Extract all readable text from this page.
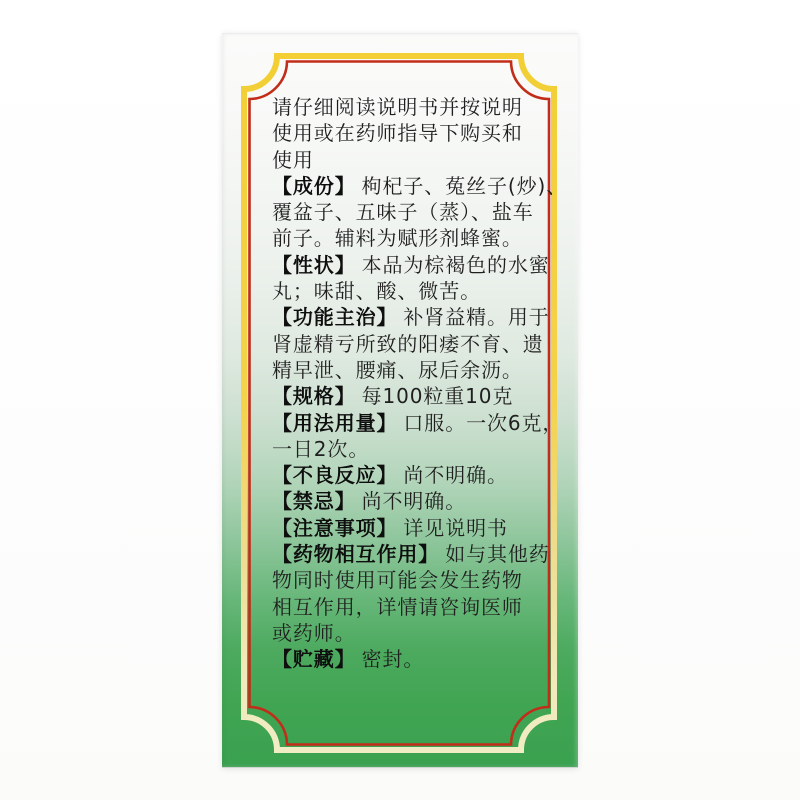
请仔细阅读说明书并按说明
使用或在药师指导下购买和
使用
【成份】 枸杞子、菟丝子(炒)、
覆盆子、五味子（蒸）、盐车
前子。辅料为赋形剂蜂蜜。
【性状】 本品为棕褐色的水蜜
丸；味甜、酸、微苦。
【功能主治】 补肾益精。用于
肾虚精亏所致的阳痿不育、遗
精早泄、腰痛、尿后余沥。
【规格】 每100粒重10克
【用法用量】 口服。一次6克，
一日2次。
【不良反应】 尚不明确。
【禁忌】 尚不明确。
【注意事项】 详见说明书
【药物相互作用】 如与其他药
物同时使用可能会发生药物
相互作用，详情请咨询医师
或药师。
【贮藏】 密封。
